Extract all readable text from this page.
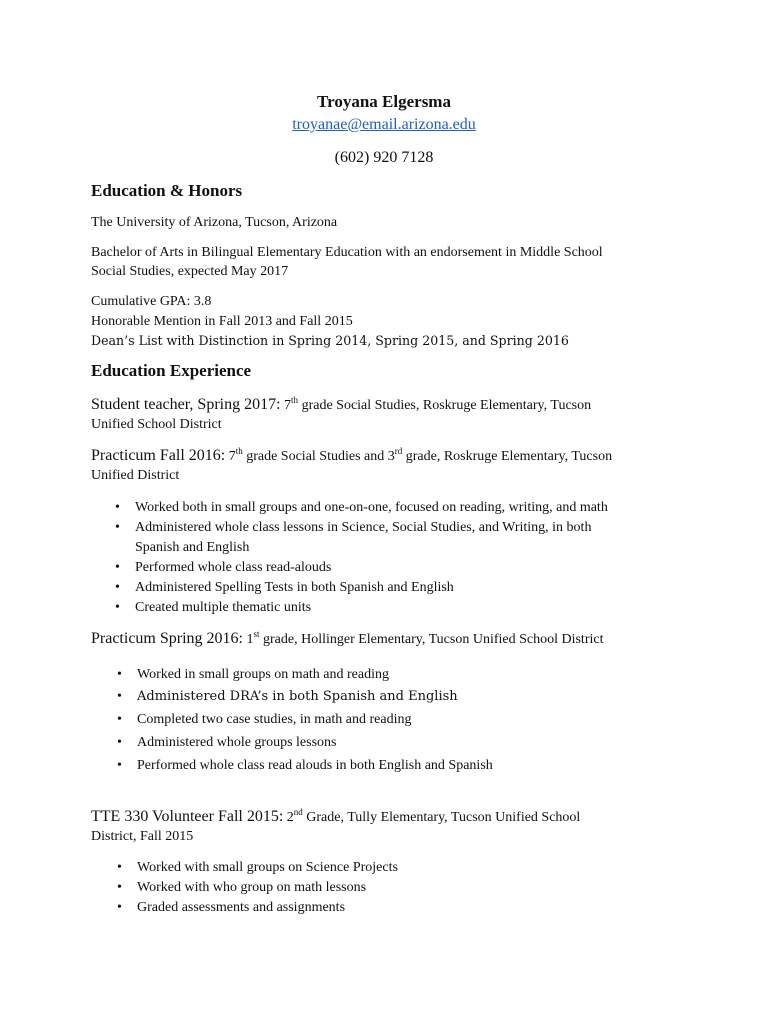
Troyana Elgersma
troyanae@email.arizona.edu
(602) 920 7128
Education & Honors
The University of Arizona, Tucson, Arizona
Bachelor of Arts in Bilingual Elementary Education with an endorsement in Middle School
Social Studies, expected May 2017
Cumulative GPA: 3.8
Honorable Mention in Fall 2013 and Fall 2015
Dean’s List with Distinction in Spring 2014, Spring 2015, and Spring 2016
Education Experience
Student teacher, Spring 2017: 7th grade Social Studies, Roskruge Elementary, Tucson
Unified School District
Practicum Fall 2016: 7th grade Social Studies and 3rd grade, Roskruge Elementary, Tucson
Unified District
• Worked both in small groups and one-on-one, focused on reading, writing, and math
• Administered whole class lessons in Science, Social Studies, and Writing, in both
Spanish and English
• Performed whole class read-alouds
• Administered Spelling Tests in both Spanish and English
• Created multiple thematic units
Practicum Spring 2016: 1st grade, Hollinger Elementary, Tucson Unified School District
• Worked in small groups on math and reading
• Administered DRA’s in both Spanish and English
• Completed two case studies, in math and reading
• Administered whole groups lessons
• Performed whole class read alouds in both English and Spanish
TTE 330 Volunteer Fall 2015: 2nd Grade, Tully Elementary, Tucson Unified School
District, Fall 2015
• Worked with small groups on Science Projects
• Worked with who group on math lessons
• Graded assessments and assignments
